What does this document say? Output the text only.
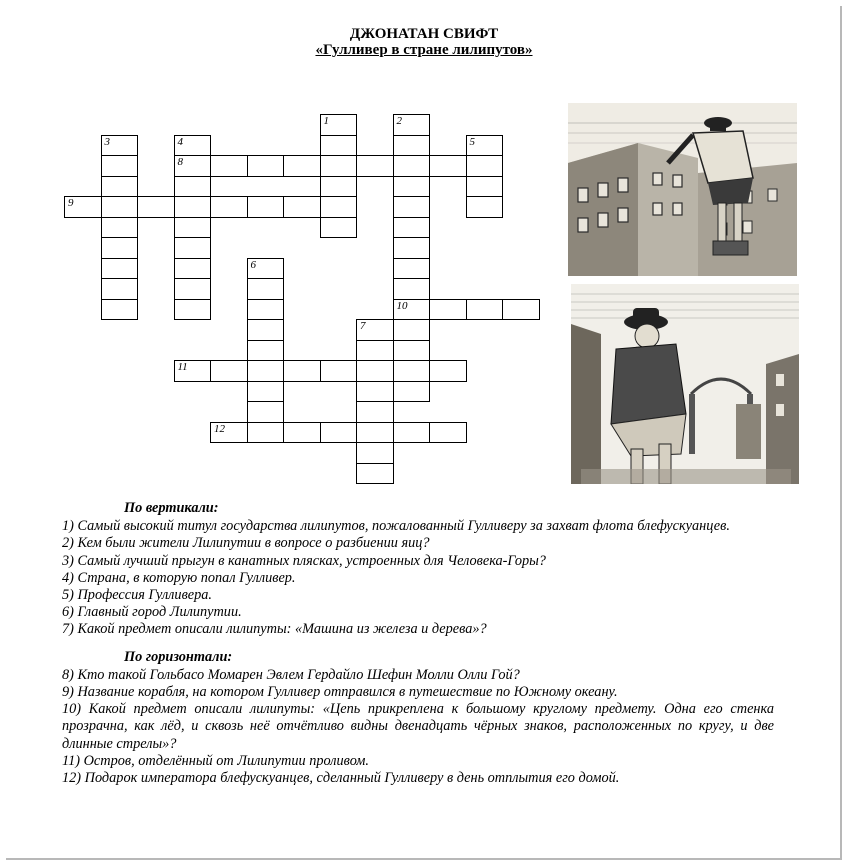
ДЖОНАТАН СВИФТ
«Гулливер в стране лилипутов»
1	2
10
3	4
8
5
6
7
9
11
12
По вертикали:
1) Самый высокий титул государства лилипутов, пожалованный Гулливеру за захват флота блефускуанцев.
2) Кем были жители Лилипутии в вопросе о разбиении яиц?
3) Самый лучший прыгун в канатных плясках, устроенных для Человека-Горы?
4) Страна, в которую попал Гулливер.
5) Профессия Гулливера.
6) Главный город Лилипутии.
7) Какой предмет описали лилипуты: «Машина из железа и дерева»?
По горизонтали:
8) Кто такой Гольбасо Момарен Эвлем Гердайло Шефин Молли Олли Гой?
9) Название корабля, на котором Гулливер отправился в путешествие по Южному океану.
10) Какой предмет описали лилипуты: «Цепь прикреплена к большому круглому предмету. Одна его стенка прозрачна, как лёд, и сквозь неё отчётливо видны двенадцать чёрных знаков, расположенных по кругу, и две длинные стрелы»?
11) Остров, отделённый от Лилипутии проливом.
12) Подарок императора блефускуанцев, сделанный Гулливеру в день отплытия его домой.
